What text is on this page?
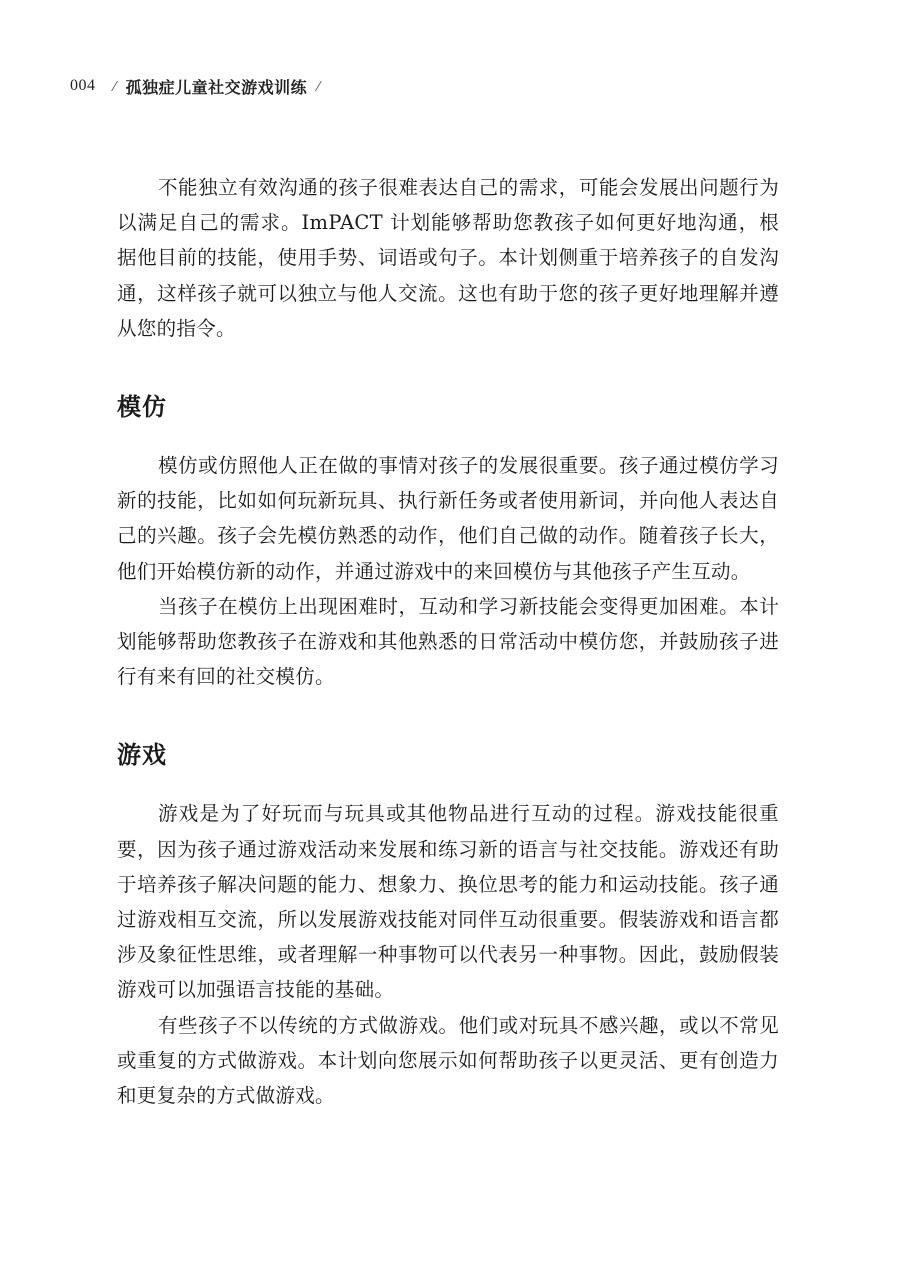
004 ⁄ 孤独症儿童社交游戏训练 ⁄

不能独立有效沟通的孩子很难表达自己的需求，可能会发展出问题行为以满足自己的需求。ImPACT 计划能够帮助您教孩子如何更好地沟通，根据他目前的技能，使用手势、词语或句子。本计划侧重于培养孩子的自发沟通，这样孩子就可以独立与他人交流。这也有助于您的孩子更好地理解并遵从您的指令。

模仿

模仿或仿照他人正在做的事情对孩子的发展很重要。孩子通过模仿学习新的技能，比如如何玩新玩具、执行新任务或者使用新词，并向他人表达自己的兴趣。孩子会先模仿熟悉的动作，他们自己做的动作。随着孩子长大，他们开始模仿新的动作，并通过游戏中的来回模仿与其他孩子产生互动。

当孩子在模仿上出现困难时，互动和学习新技能会变得更加困难。本计划能够帮助您教孩子在游戏和其他熟悉的日常活动中模仿您，并鼓励孩子进行有来有回的社交模仿。

游戏

游戏是为了好玩而与玩具或其他物品进行互动的过程。游戏技能很重要，因为孩子通过游戏活动来发展和练习新的语言与社交技能。游戏还有助于培养孩子解决问题的能力、想象力、换位思考的能力和运动技能。孩子通过游戏相互交流，所以发展游戏技能对同伴互动很重要。假装游戏和语言都涉及象征性思维，或者理解一种事物可以代表另一种事物。因此，鼓励假装游戏可以加强语言技能的基础。

有些孩子不以传统的方式做游戏。他们或对玩具不感兴趣，或以不常见或重复的方式做游戏。本计划向您展示如何帮助孩子以更灵活、更有创造力和更复杂的方式做游戏。
